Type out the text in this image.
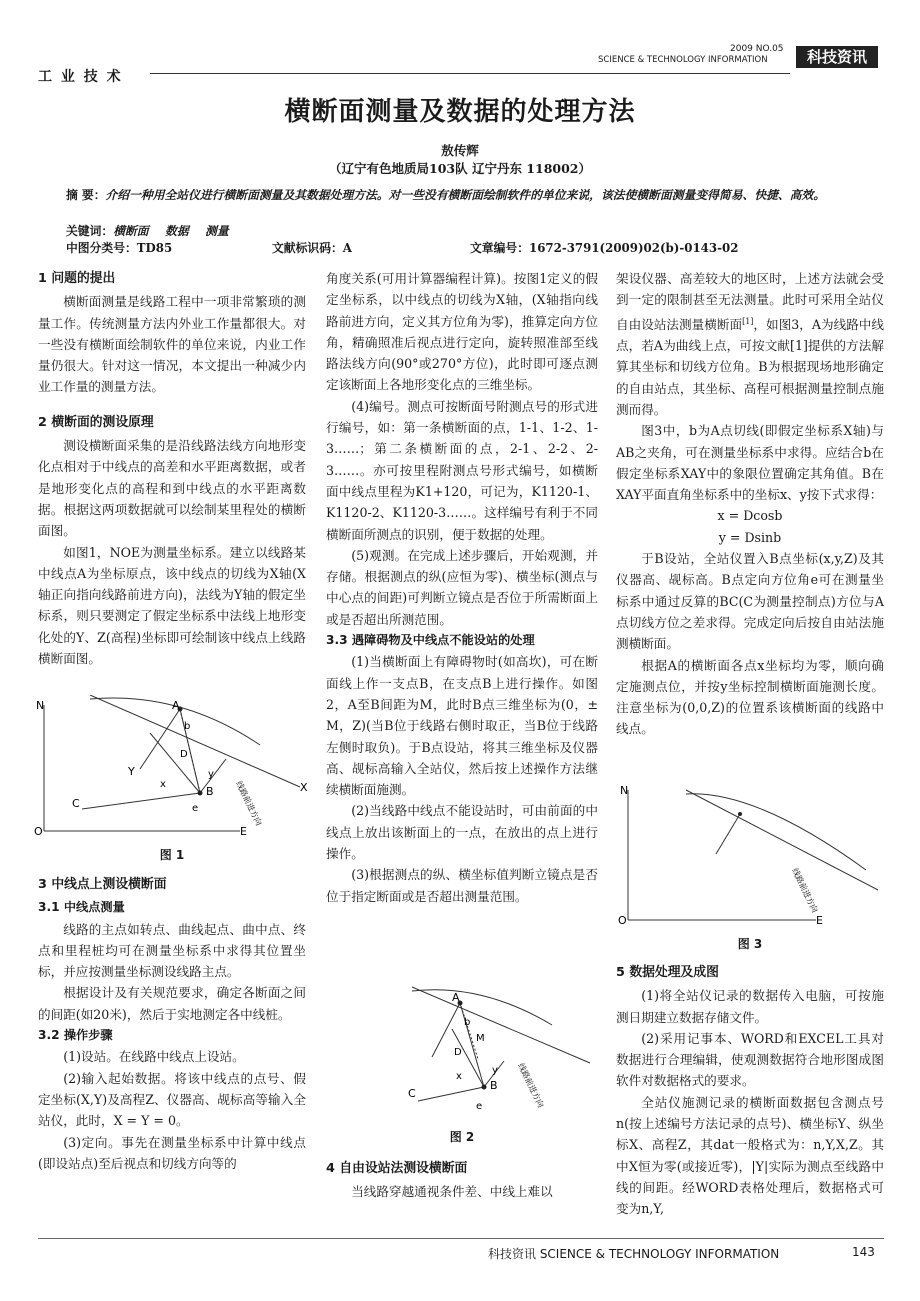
工 业 技 术
2009 NO.05
SCIENCE & TECHNOLOGY INFORMATION	科技资讯
横断面测量及数据的处理方法
敖传辉
（辽宁有色地质局103队 辽宁丹东 118002）
摘 要：介绍一种用全站仪进行横断面测量及其数据处理方法。对一些没有横断面绘制软件的单位来说，该法使横断面测量变得简易、快捷、高效。
关键词：横断面    数据    测量
中图分类号：TD85	文献标识码：A	文章编号：1672-3791(2009)02(b)-0143-02
1 问题的提出

横断面测量是线路工程中一项非常繁琐的测量工作。传统测量方法内外业工作量都很大。对一些没有横断面绘制软件的单位来说，内业工作量仍很大。针对这一情况，本文提出一种减少内业工作量的测量方法。

2 横断面的测设原理

测设横断面采集的是沿线路法线方向地形变化点相对于中线点的高差和水平距离数据，或者是地形变化点的高程和到中线点的水平距离数据。根据这两项数据就可以绘制某里程处的横断面图。

如图1，NOE为测量坐标系。建立以线路某中线点A为坐标原点，该中线点的切线为X轴(X轴正向指向线路前进方向)，法线为Y轴的假定坐标系，则只要测定了假定坐标系中法线上地形变化处的Y、Z(高程)坐标即可绘制该中线点上线路横断面图。

N
O	E
A
B
C
X
Y
b
D
e
x
y
线路前进方向
图 1
3 中线点上测设横断面
3.1 中线点测量

线路的主点如转点、曲线起点、曲中点、终点和里程桩均可在测量坐标系中求得其位置坐标，并应按测量坐标测设线路主点。

根据设计及有关规范要求，确定各断面之间的间距(如20米)，然后于实地测定各中线桩。

3.2 操作步骤

(1)设站。在线路中线点上设站。

(2)输入起始数据。将该中线点的点号、假定坐标(X,Y)及高程Z、仪器高、觇标高等输入全站仪，此时，X = Y = 0。

(3)定向。事先在测量坐标系中计算中线点(即设站点)至后视点和切线方向等的

角度关系(可用计算器编程计算)。按图1定义的假定坐标系，以中线点的切线为X轴，(X轴指向线路前进方向，定义其方位角为零)，推算定向方位角，精确照准后视点进行定向，旋转照准部至线路法线方向(90°或270°方位)，此时即可逐点测定该断面上各地形变化点的三维坐标。

(4)编号。测点可按断面号附测点号的形式进行编号，如：第一条横断面的点，1-1、1-2、1-3……；第二条横断面的点，2-1、2-2、2-3……。亦可按里程附测点号形式编号，如横断面中线点里程为K1+120，可记为，K1120-1、K1120-2、K1120-3……。这样编号有利于不同横断面所测点的识别，便于数据的处理。

(5)观测。在完成上述步骤后，开始观测，并存储。根据测点的纵(应恒为零)、横坐标(测点与中心点的间距)可判断立镜点是否位于所需断面上或是否超出所测范围。

3.3 遇障碍物及中线点不能设站的处理

(1)当横断面上有障碍物时(如高坎)，可在断面线上作一支点B，在支点B上进行操作。如图2，A至B间距为M，此时B点三维坐标为(0，± M，Z)(当B位于线路右侧时取正，当B位于线路左侧时取负)。于B点设站，将其三维坐标及仪器高、觇标高输入全站仪，然后按上述操作方法继续横断面施测。

(2)当线路中线点不能设站时，可由前面的中线点上放出该断面上的一点，在放出的点上进行操作。

(3)根据测点的纵、横坐标值判断立镜点是否位于指定断面或是否超出测量范围。

A
B
C
b
D
e
x
y
M
线路前进方向
图 2
4 自由设站法测设横断面

当线路穿越通视条件差、中线上难以

架设仪器、高差较大的地区时，上述方法就会受到一定的限制甚至无法测量。此时可采用全站仪自由设站法测量横断面[1]，如图3，A为线路中线点，若A为曲线上点，可按文献[1]提供的方法解算其坐标和切线方位角。B为根据现场地形确定的自由站点，其坐标、高程可根据测量控制点施测而得。

图3中，b为A点切线(即假定坐标系X轴)与AB之夹角，可在测量坐标系中求得。应结合b在假定坐标系XAY中的象限位置确定其角值。B在XAY平面直角坐标系中的坐标x、y按下式求得：

x = Dcosb
y = Dsinb

于B设站，全站仪置入B点坐标(x,y,Z)及其仪器高、觇标高。B点定向方位角e可在测量坐标系中通过反算的BC(C为测量控制点)方位与A点切线方位之差求得。完成定向后按自由站法施测横断面。

根据A的横断面各点x坐标均为零，顺向确定施测点位，并按y坐标控制横断面施测长度。注意坐标为(0,0,Z)的位置系该横断面的线路中线点。

N
O	E
线路前进方向
图 3
5 数据处理及成图

(1)将全站仪记录的数据传入电脑，可按施测日期建立数据存储文件。

(2)采用记事本、WORD和EXCEL工具对数据进行合理编辑，使观测数据符合地形图成图软件对数据格式的要求。

全站仪施测记录的横断面数据包含测点号n(按上述编号方法记录的点号)、横坐标Y、纵坐标X、高程Z，其dat一般格式为：n,Y,X,Z。其中X恒为零(或接近零)，|Y|实际为测点至线路中线的间距。经WORD表格处理后，数据格式可变为n,Y,

科技资讯 SCIENCE & TECHNOLOGY INFORMATION	143
